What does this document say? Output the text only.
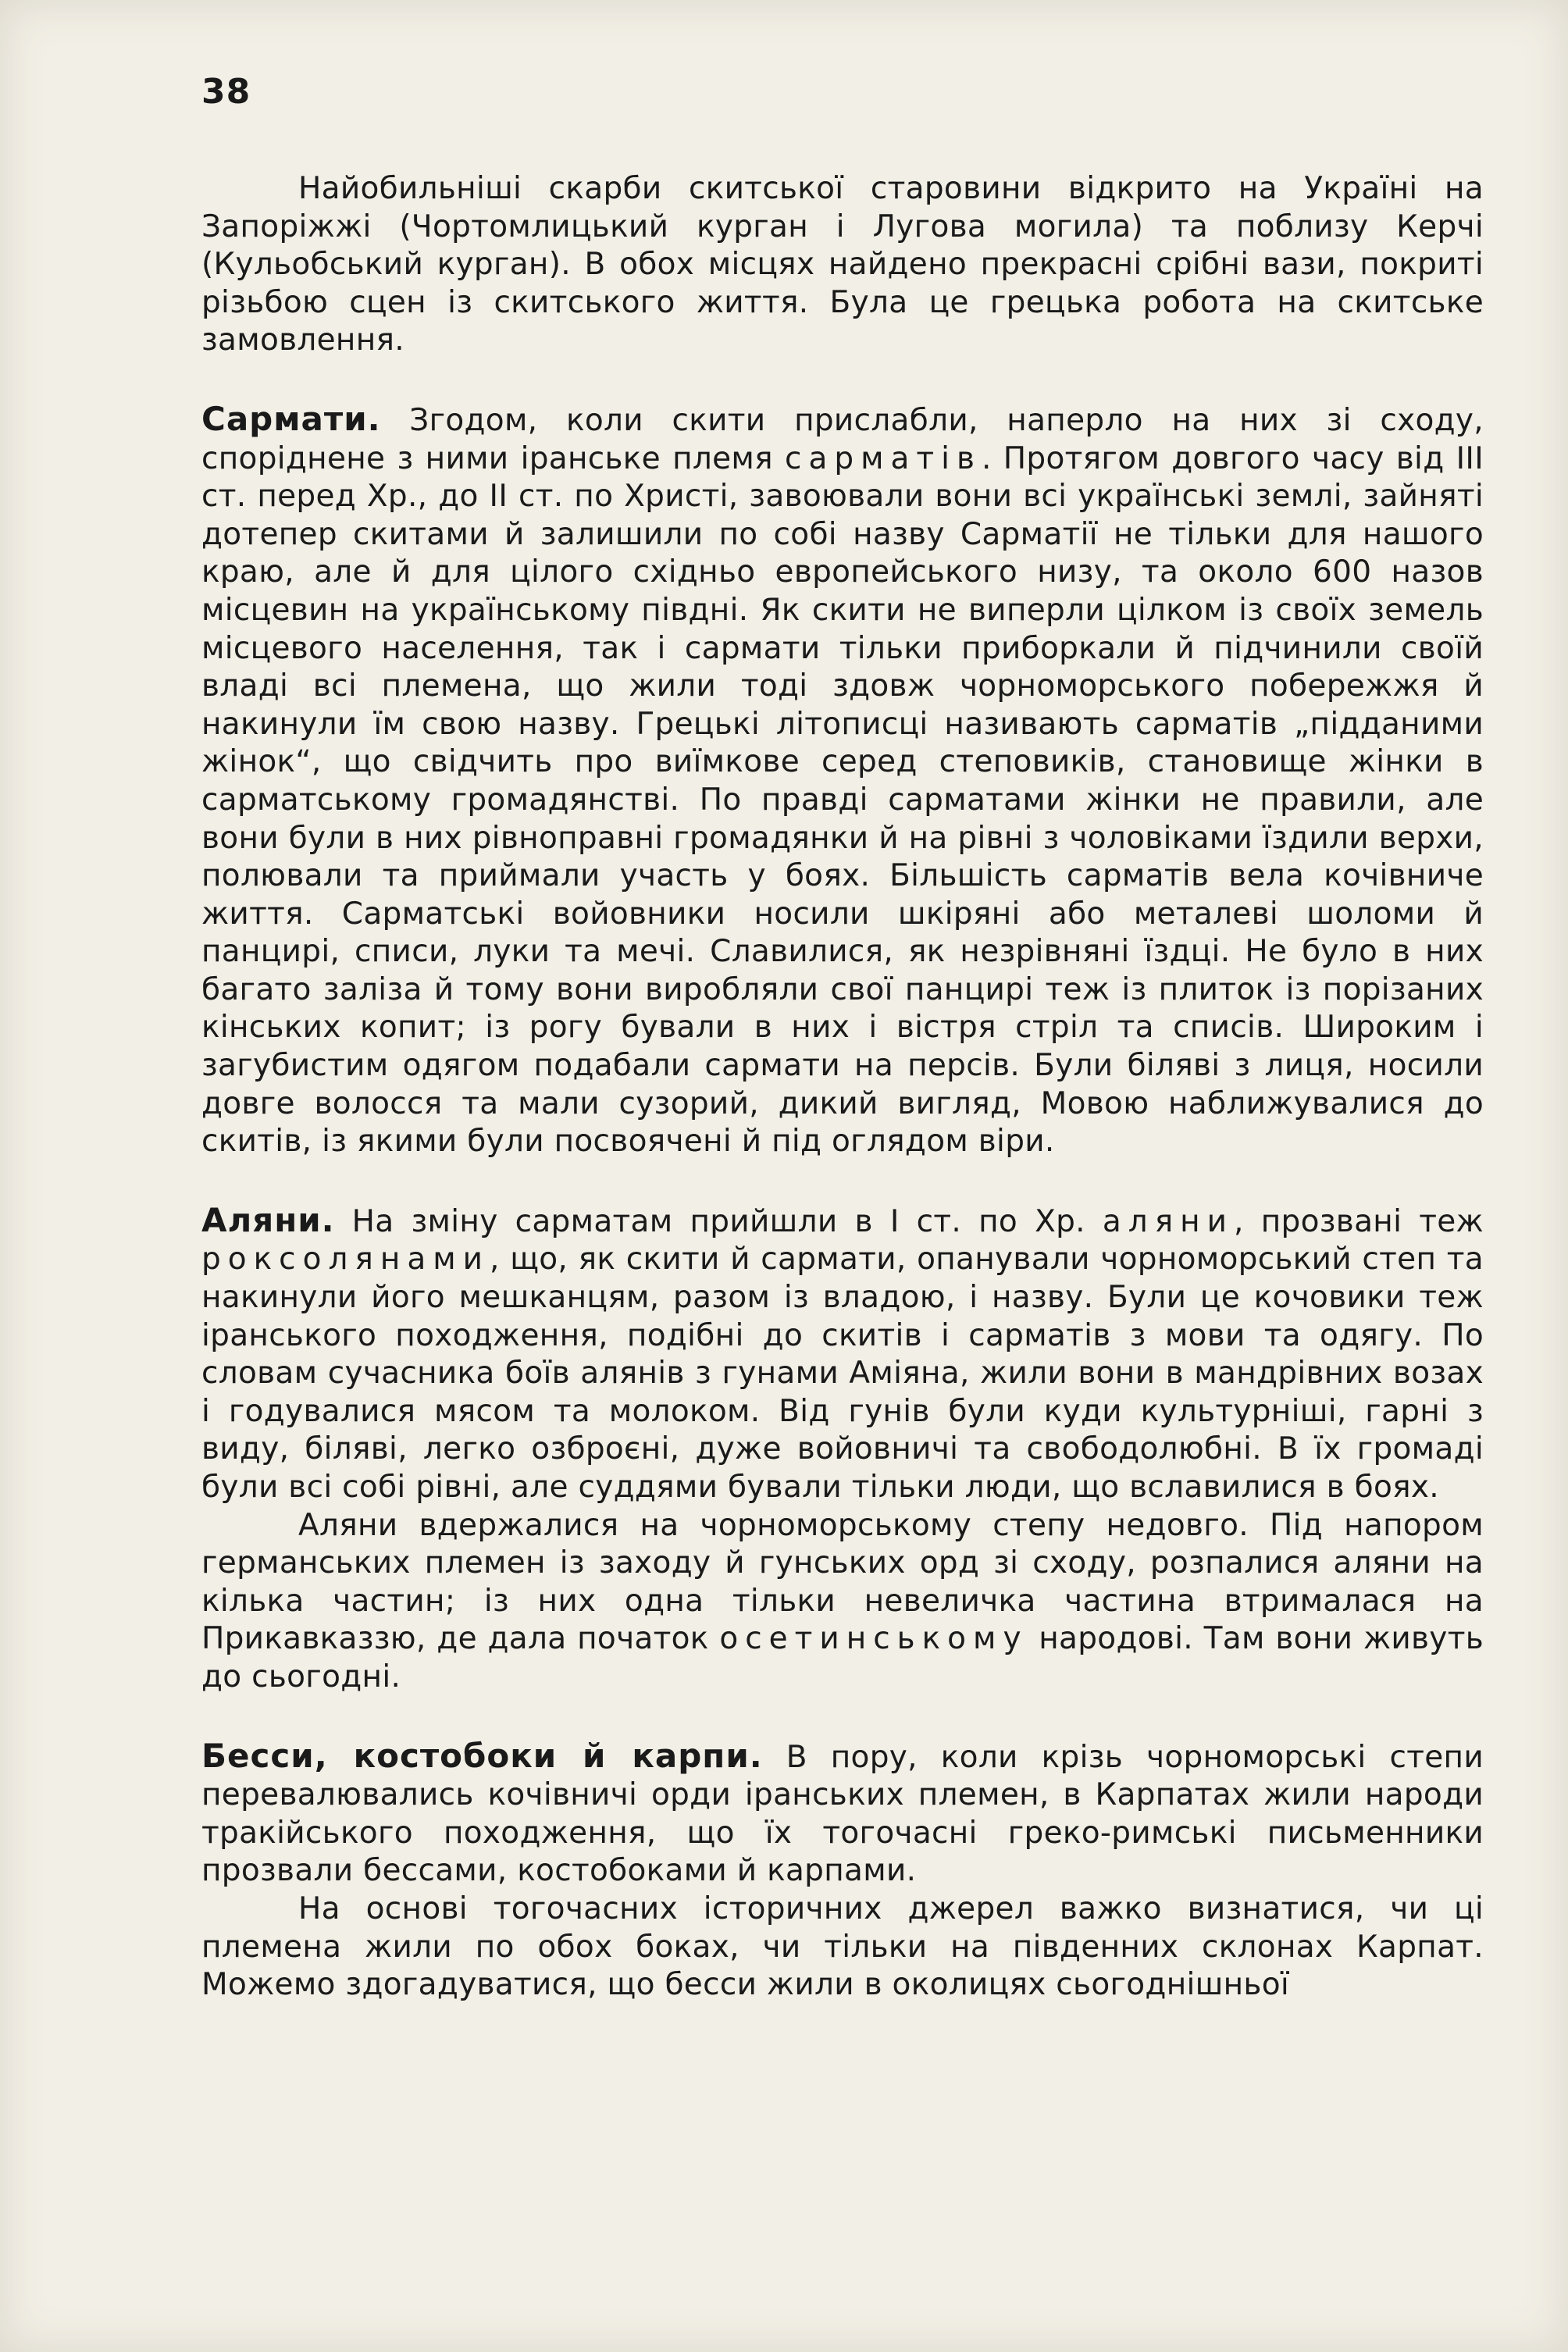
38

Найобильніші скарби скитської старовини відкрито на Україні на Запоріжжі (Чортомлицький курган і Лугова могила) та поблизу Керчі (Кульобський курган). В обох місцях найдено прекрасні срібні вази, покриті різьбою сцен із скитського життя. Була це грецька робота на скитське замовлення.

Сармати. Згодом, коли скити прислабли, наперло на них зі сходу, споріднене з ними іранське племя сарматів. Протягом довгого часу від III ст. перед Хр., до II ст. по Христі, завоювали вони всі українські землі, зайняті дотепер скитами й залишили по собі назву Сарматії не тільки для нашого краю, але й для цілого східньо европейського низу, та около 600 назов місцевин на українському півдні. Як скити не виперли цілком із своїх земель місцевого населення, так і сармати тільки приборкали й підчинили своїй владі всі племена, що жили тоді здовж чорноморського побережжя й накинули їм свою назву. Грецькі літописці називають сарматів „підданими жінок“, що свідчить про виїмкове серед степовиків, становище жінки в сарматському громадянстві. По правді сарматами жінки не правили, але вони були в них рівноправні громадянки й на рівні з чоловіками їздили верхи, полювали та приймали участь у боях. Більшість сарматів вела кочівниче життя. Сарматські войовники носили шкіряні або металеві шоломи й панцирі, списи, луки та мечі. Славилися, як незрівняні їздці. Не було в них багато заліза й тому вони виробляли свої панцирі теж із плиток із порізаних кінських копит; із рогу бували в них і вістря стріл та списів. Широким і загубистим одягом подабали сармати на персів. Були біляві з лиця, носили довге волосся та мали сузорий, дикий вигляд, Мовою наближувалися до скитів, із якими були посвоячені й під оглядом віри.

Аляни. На зміну сарматам прийшли в I ст. по Хр. аляни, прозвані теж роксолянами, що, як скити й сармати, опанували чорноморський степ та накинули його мешканцям, разом із владою, і назву. Були це кочовики теж іранського походження, подібні до скитів і сарматів з мови та одягу. По словам сучасника боїв алянів з гунами Аміяна, жили вони в мандрівних возах і годувалися мясом та молоком. Від гунів були куди культурніші, гарні з виду, біляві, легко озброєні, дуже войовничі та свободолюбні. В їх громаді були всі собі рівні, але суддями бували тільки люди, що вславилися в боях.

Аляни вдержалися на чорноморському степу недовго. Під напором германських племен із заходу й гунських орд зі сходу, розпалися аляни на кілька частин; із них одна тільки невеличка частина втрималася на Прикавказзю, де дала початок осетинському народові. Там вони живуть до сьогодні.

Бесси, костобоки й карпи. В пору, коли крізь чорноморські степи перевалювались кочівничі орди іранських племен, в Карпатах жили народи тракійського походження, що їх тогочасні греко-римські письменники прозвали бессами, костобоками й карпами.

На основі тогочасних історичних джерел важко визнатися, чи ці племена жили по обох боках, чи тільки на південних склонах Карпат. Можемо здогадуватися, що бесси жили в околицях сьогоднішньої
